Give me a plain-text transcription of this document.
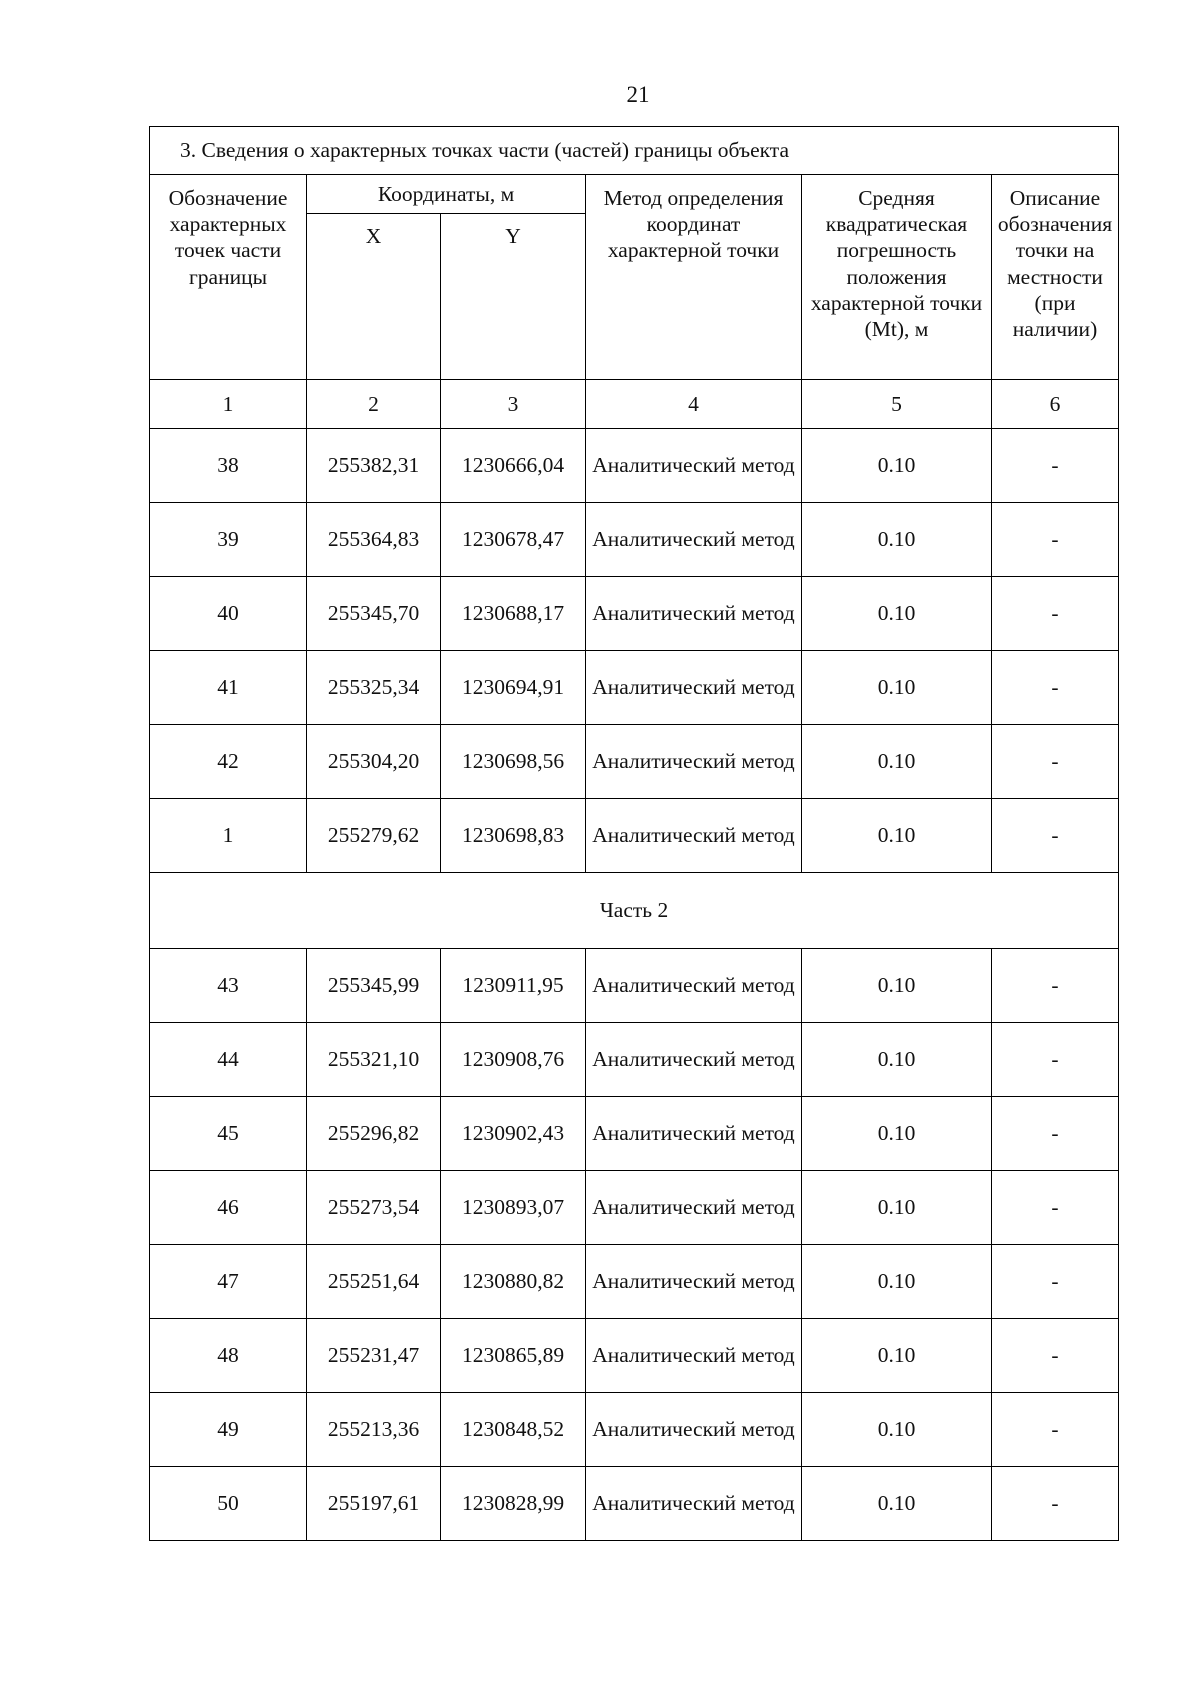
21
3. Сведения о характерных точках части (частей) границы объекта					
Обозначение характерных точек части границы	Координаты, м		Метод определения координат характерной точки	Средняя квадратическая погрешность положения характерной точки (Mt), м	Описание обозначения точки на местности (при наличии)
	X	Y			
1	2	3	4	5	6
38	255382,31	1230666,04	Аналитический метод	0.10	-
39	255364,83	1230678,47	Аналитический метод	0.10	-
40	255345,70	1230688,17	Аналитический метод	0.10	-
41	255325,34	1230694,91	Аналитический метод	0.10	-
42	255304,20	1230698,56	Аналитический метод	0.10	-
1	255279,62	1230698,83	Аналитический метод	0.10	-
Часть 2					
43	255345,99	1230911,95	Аналитический метод	0.10	-
44	255321,10	1230908,76	Аналитический метод	0.10	-
45	255296,82	1230902,43	Аналитический метод	0.10	-
46	255273,54	1230893,07	Аналитический метод	0.10	-
47	255251,64	1230880,82	Аналитический метод	0.10	-
48	255231,47	1230865,89	Аналитический метод	0.10	-
49	255213,36	1230848,52	Аналитический метод	0.10	-
50	255197,61	1230828,99	Аналитический метод	0.10	-
